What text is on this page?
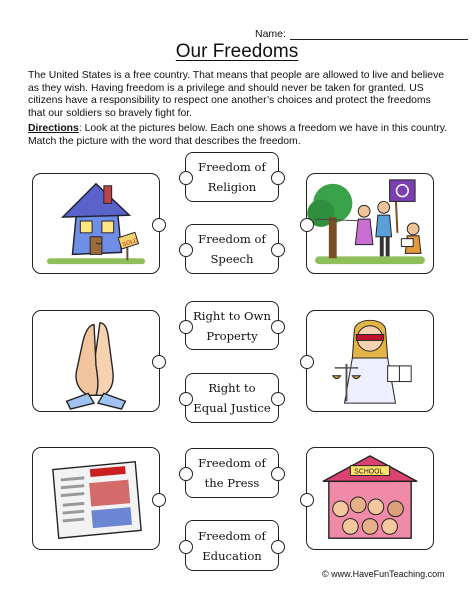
Name:
Our Freedoms

The United States is a free country. That means that people are allowed to live and believe as they wish. Having freedom is a privilege and should never be taken for granted. US citizens have a responsibility to respect one another’s choices and protect the freedoms that our soldiers so bravely fight for.

Directions: Look at the pictures below. Each one shows a freedom we have in this country. Match the picture with the word that describes the freedom.

SOLD
SCHOOL
Freedom of
Religion
Freedom of
Speech
Right to Own
Property
Right to
Equal Justice
Freedom of
the Press
Freedom of
Education
© www.HaveFunTeaching.com
